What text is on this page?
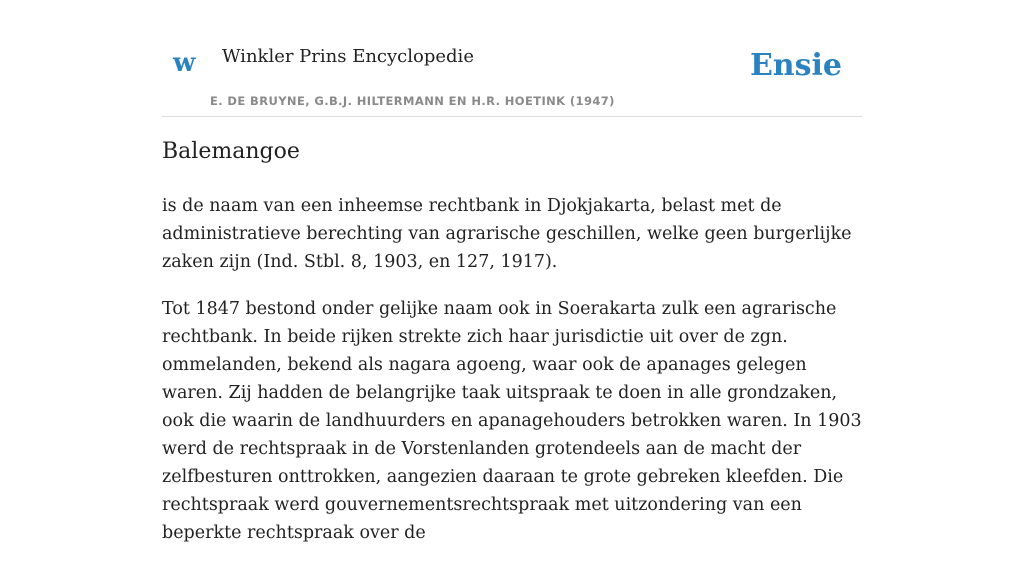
w Winkler Prins Encyclopedie
E. DE BRUYNE, G.B.J. HILTERMANN EN H.R. HOETINK (1947)
Ensie
Balemangoe

is de naam van een inheemse rechtbank in Djokjakarta, belast met de administratieve berechting van agrarische geschillen, welke geen burgerlijke zaken zijn (Ind. Stbl. 8, 1903, en 127, 1917).

Tot 1847 bestond onder gelijke naam ook in Soerakarta zulk een agrarische rechtbank. In beide rijken strekte zich haar jurisdictie uit over de zgn. ommelanden, bekend als nagara agoeng, waar ook de apanages gelegen waren. Zij hadden de belangrijke taak uitspraak te doen in alle grondzaken, ook die waarin de landhuurders en apanagehouders betrokken waren. In 1903 werd de rechtspraak in de Vorstenlanden grotendeels aan de macht der zelfbesturen onttrokken, aangezien daaraan te grote gebreken kleefden. Die rechtspraak werd gouvernementsrechtspraak met uitzondering van een beperkte rechtspraak over de
